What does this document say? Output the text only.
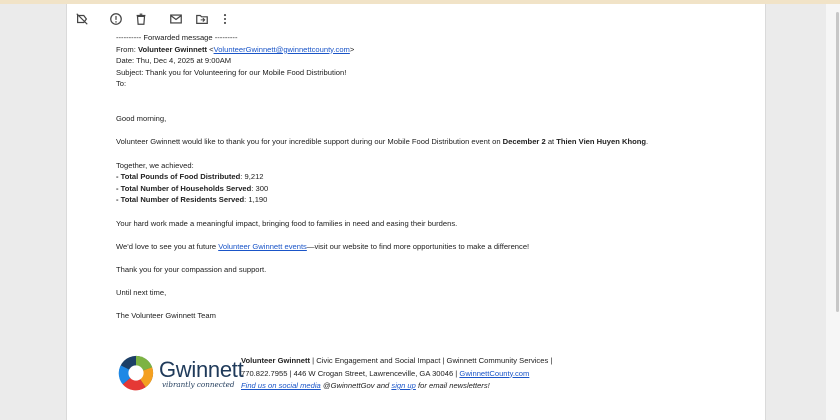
---------- Forwarded message ---------
From: Volunteer Gwinnett <VolunteerGwinnett@gwinnettcounty.com>
Date: Thu, Dec 4, 2025 at 9:00AM
Subject: Thank you for Volunteering for our Mobile Food Distribution!
To:
Good morning,
Volunteer Gwinnett would like to thank you for your incredible support during our Mobile Food Distribution event on December 2 at Thien Vien Huyen Khong.
Together, we achieved:
- Total Pounds of Food Distributed: 9,212
- Total Number of Households Served: 300
- Total Number of Residents Served: 1,190
Your hard work made a meaningful impact, bringing food to families in need and easing their burdens.
We'd love to see you at future Volunteer Gwinnett events—visit our website to find more opportunities to make a difference!
Thank you for your compassion and support.
Until next time,
The Volunteer Gwinnett Team
Gwinnett
vibrantly connected
Volunteer Gwinnett | Civic Engagement and Social Impact | Gwinnett Community Services |
770.822.7955 | 446 W Crogan Street, Lawrenceville, GA 30046 | GwinnettCounty.com
Find us on social media @GwinnettGov and sign up for email newsletters!
